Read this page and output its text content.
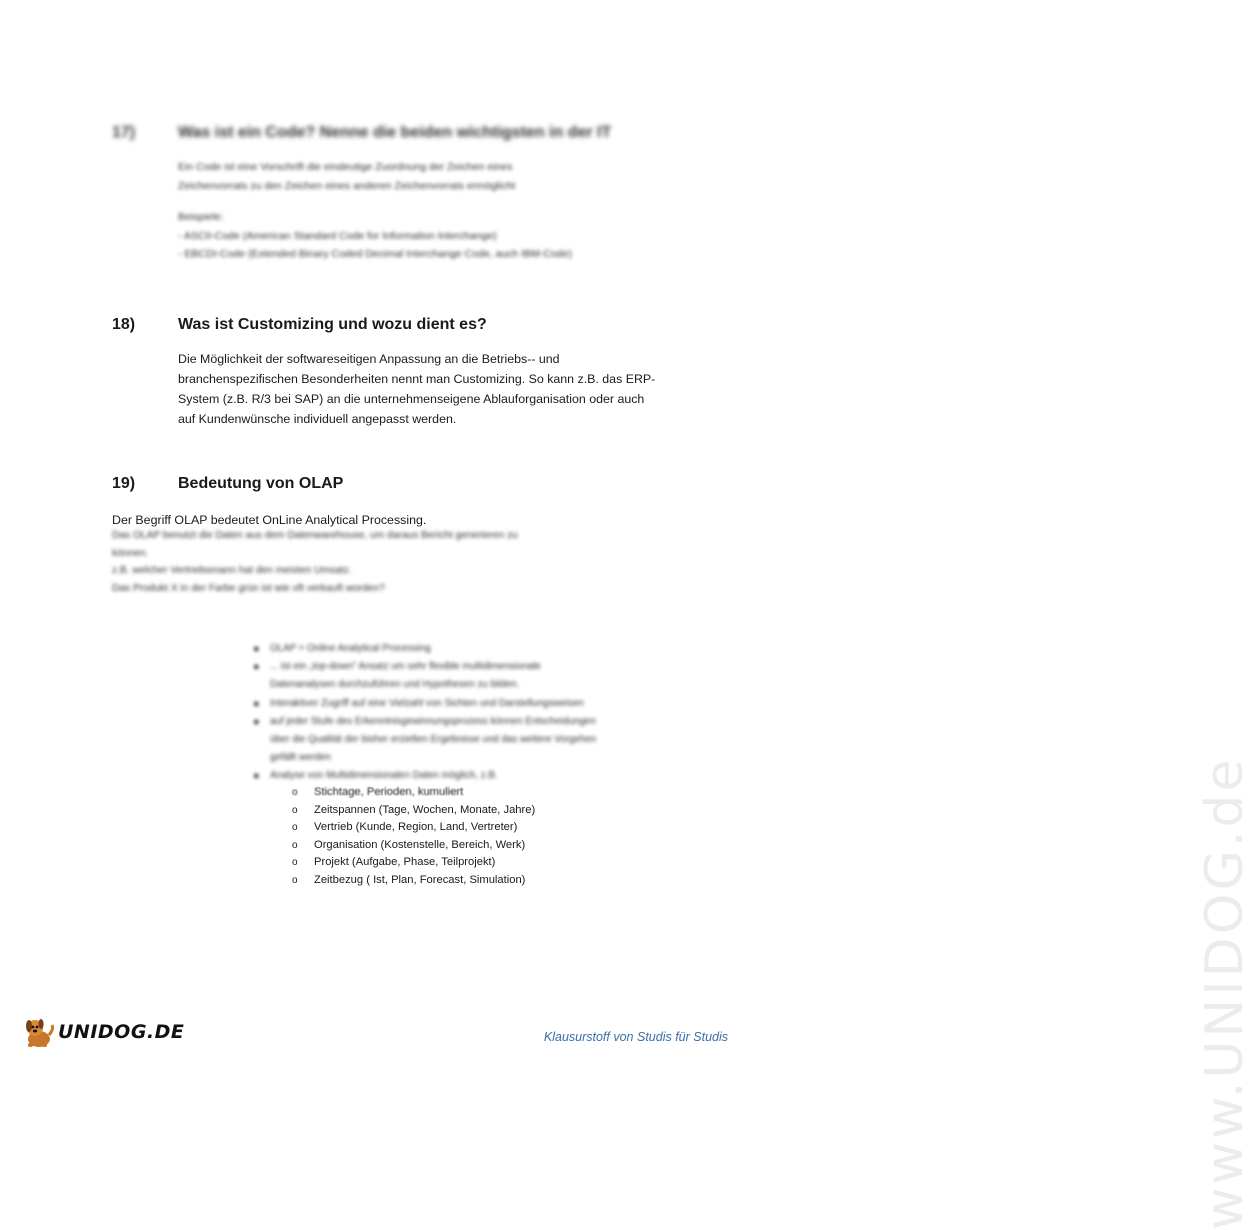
17)	Was ist ein Code? Nenne die beiden wichtigsten in der IT
Ein Code ist eine Vorschrift die eindeutige Zuordnung der Zeichen eines
Zeichenvorrats zu den Zeichen eines anderen Zeichenvorrats ermöglicht
Beispiele:
- ASCII-Code (American Standard Code for Information Interchange)
- EBCDI-Code (Extended Binary Coded Decimal Interchange Code, auch IBM-Code)
18)	Was ist Customizing und wozu dient es?
Die Möglichkeit der softwareseitigen Anpassung an die Betriebs-- und
branchenspezifischen Besonderheiten nennt man Customizing. So kann z.B. das ERP-
System (z.B. R/3 bei SAP) an die unternehmenseigene Ablauforganisation oder auch
auf Kundenwünsche individuell angepasst werden.
19)	Bedeutung von OLAP
Der Begriff OLAP bedeutet OnLine Analytical Processing.
Das OLAP benutzt die Daten aus dem Datenwarehouse, um daraus Bericht generieren zu
können.
z.B. welcher Vertriebsmann hat den meisten Umsatz.
Das Produkt X in der Farbe grün ist wie oft verkauft worden?
● OLAP = Online Analytical Processing
● ... ist ein „top-down" Ansatz um sehr flexible multidimensionale
Datenanalysen durchzuführen und Hypothesen zu bilden.
● Interaktiver Zugriff auf eine Vielzahl von Sichten und Darstellungsweisen
● auf jeder Stufe des Erkenntnisgewinnungsprozess können Entscheidungen
über die Qualität der bisher erzielten Ergebnisse und das weitere Vorgehen
gefällt werden
● Analyse von Multidimensionalen Daten möglich, z.B.
o Stichtage, Perioden, kumuliert
o Zeitspannen (Tage, Wochen, Monate, Jahre)
o Vertrieb (Kunde, Region, Land, Vertreter)
o Organisation (Kostenstelle, Bereich, Werk)
o Projekt (Aufgabe, Phase, Teilprojekt)
o Zeitbezug ( Ist, Plan, Forecast, Simulation)	www.UNIDOG.de
UNIDOG.DE	Klausurstoff von Studis für Studis
